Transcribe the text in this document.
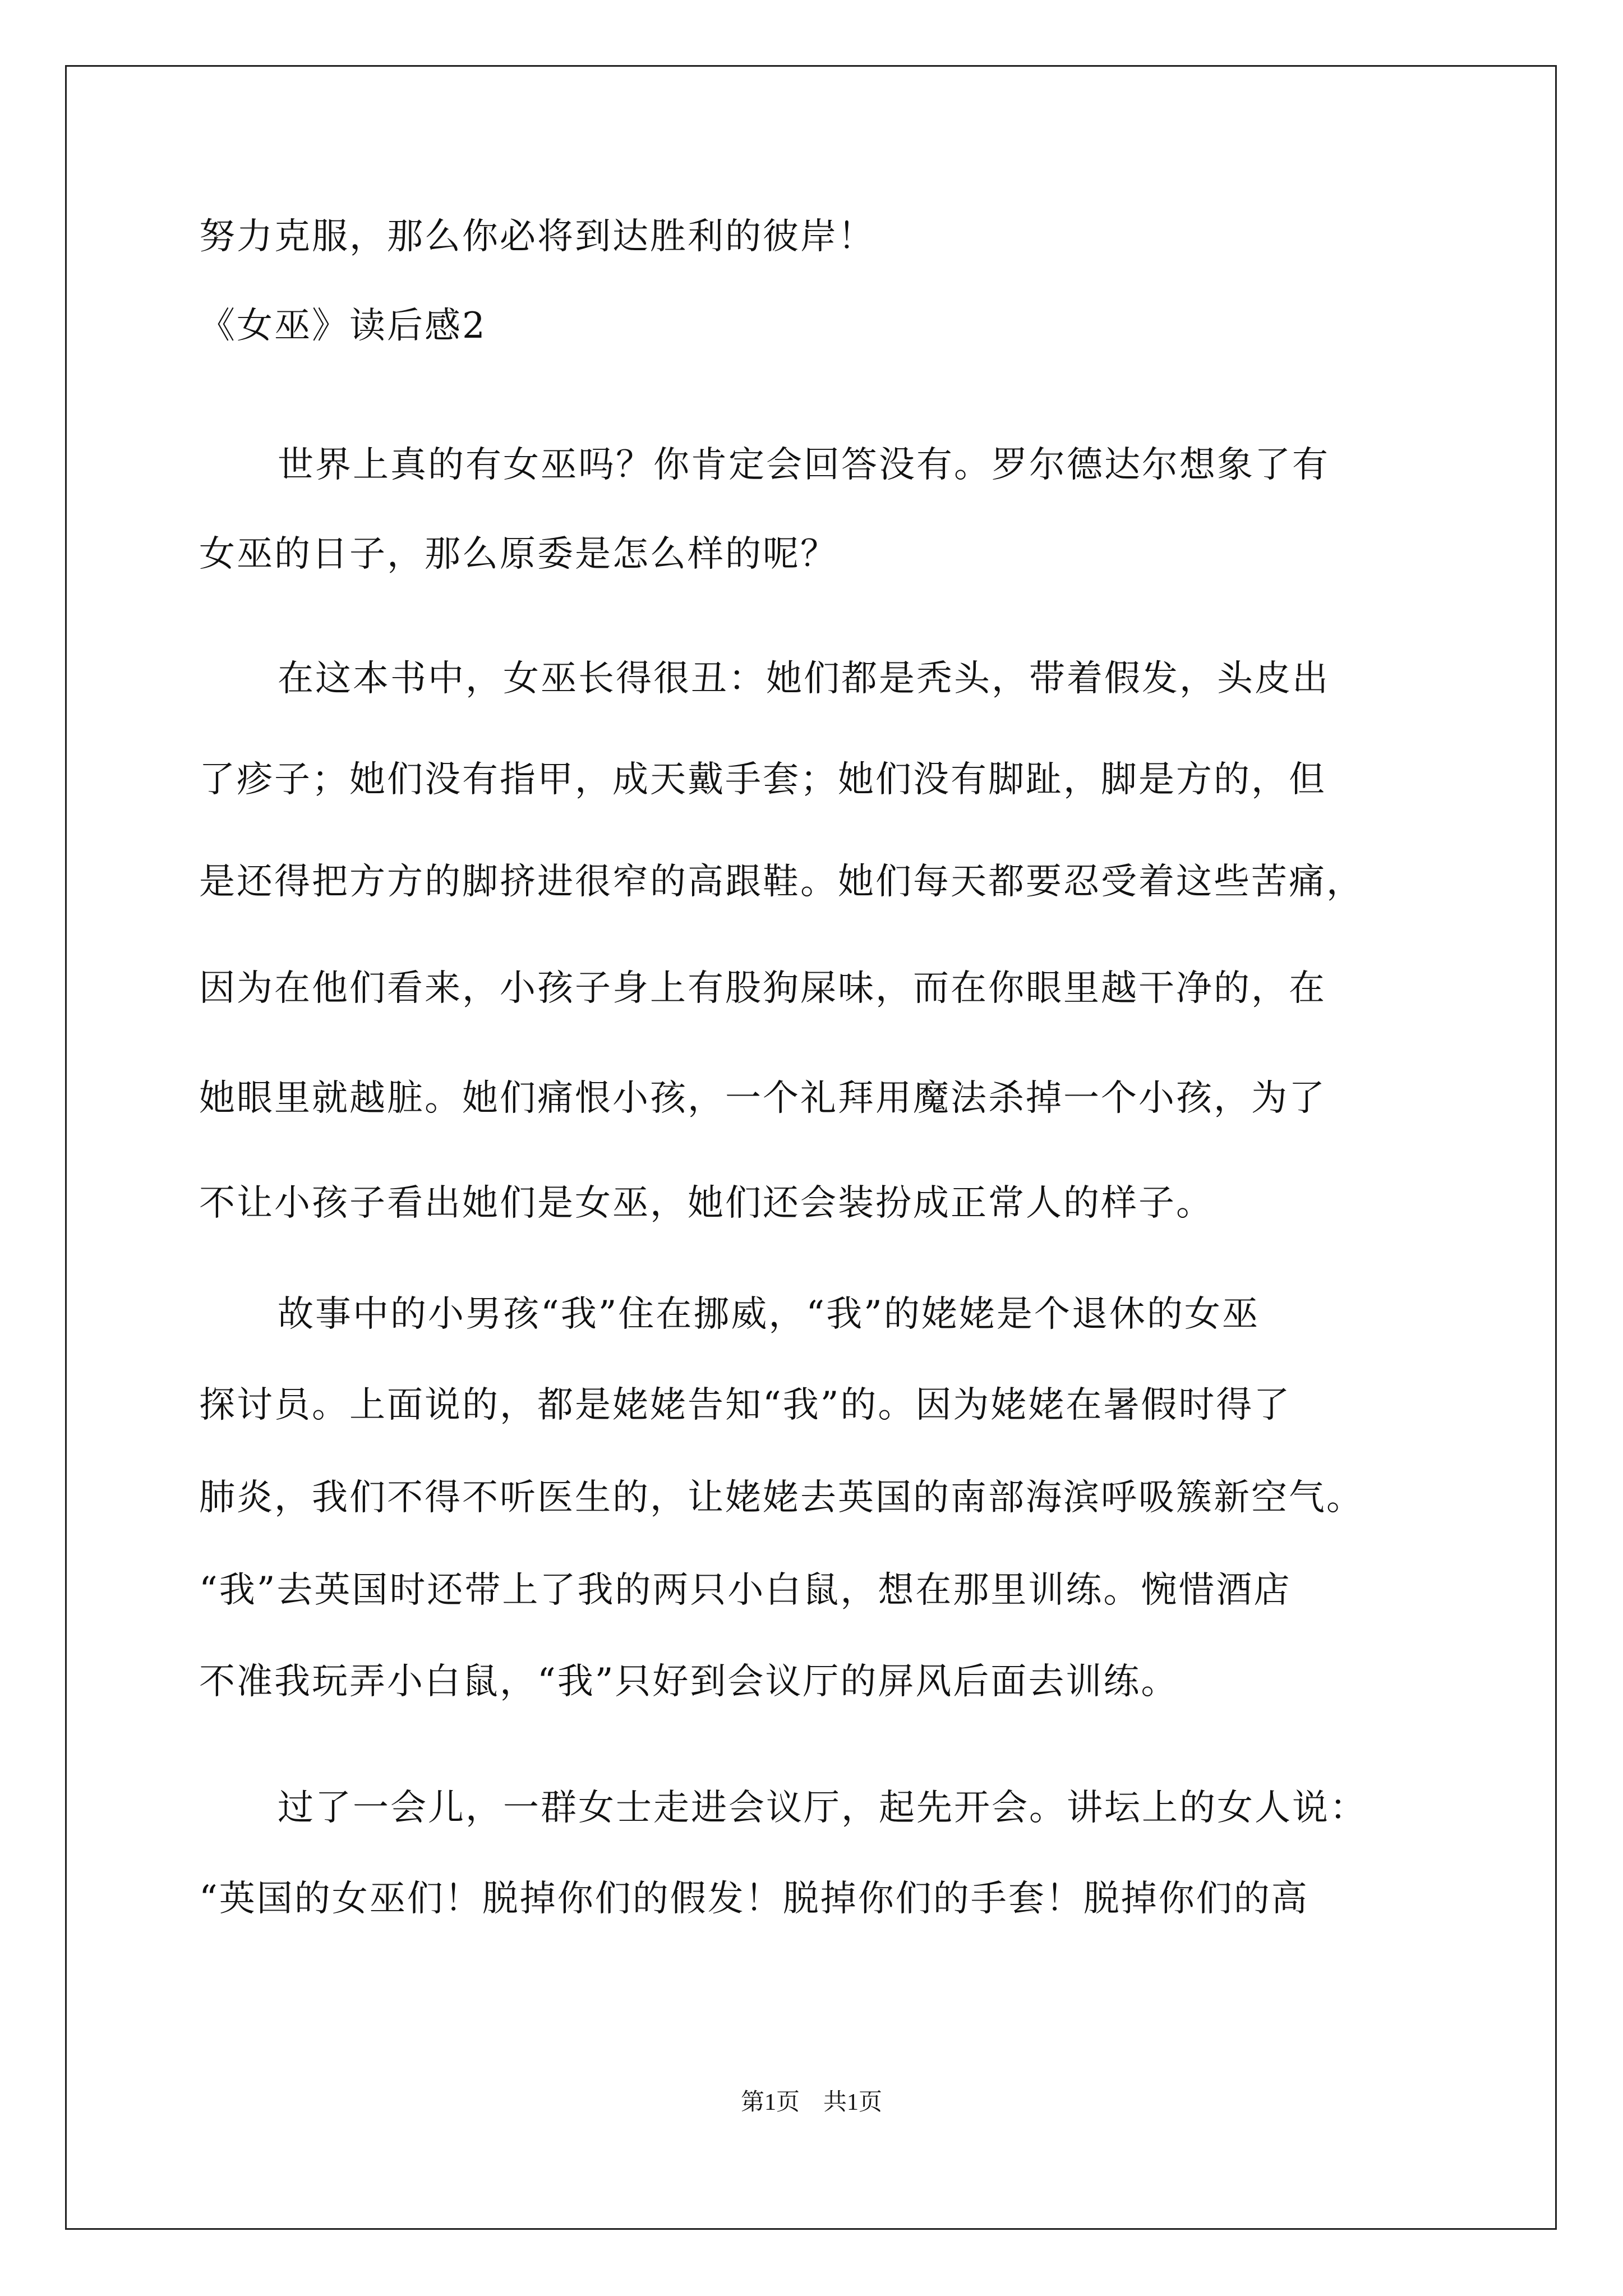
努力克服，那么你必将到达胜利的彼岸！
《女巫》读后感2
世界上真的有女巫吗？你肯定会回答没有。罗尔德达尔想象了有
女巫的日子，那么原委是怎么样的呢？
在这本书中，女巫长得很丑：她们都是秃头，带着假发，头皮出
了疹子；她们没有指甲，成天戴手套；她们没有脚趾，脚是方的，但
是还得把方方的脚挤进很窄的高跟鞋。她们每天都要忍受着这些苦痛，
因为在他们看来，小孩子身上有股狗屎味，而在你眼里越干净的，在
她眼里就越脏。她们痛恨小孩，一个礼拜用魔法杀掉一个小孩，为了
不让小孩子看出她们是女巫，她们还会装扮成正常人的样子。
故事中的小男孩“我”住在挪威，“我”的姥姥是个退休的女巫
探讨员。上面说的，都是姥姥告知“我”的。因为姥姥在暑假时得了
肺炎，我们不得不听医生的，让姥姥去英国的南部海滨呼吸簇新空气。
“我”去英国时还带上了我的两只小白鼠，想在那里训练。惋惜酒店
不准我玩弄小白鼠，“我”只好到会议厅的屏风后面去训练。
过了一会儿，一群女士走进会议厅，起先开会。讲坛上的女人说：
“英国的女巫们！脱掉你们的假发！脱掉你们的手套！脱掉你们的高
第1页　共1页
